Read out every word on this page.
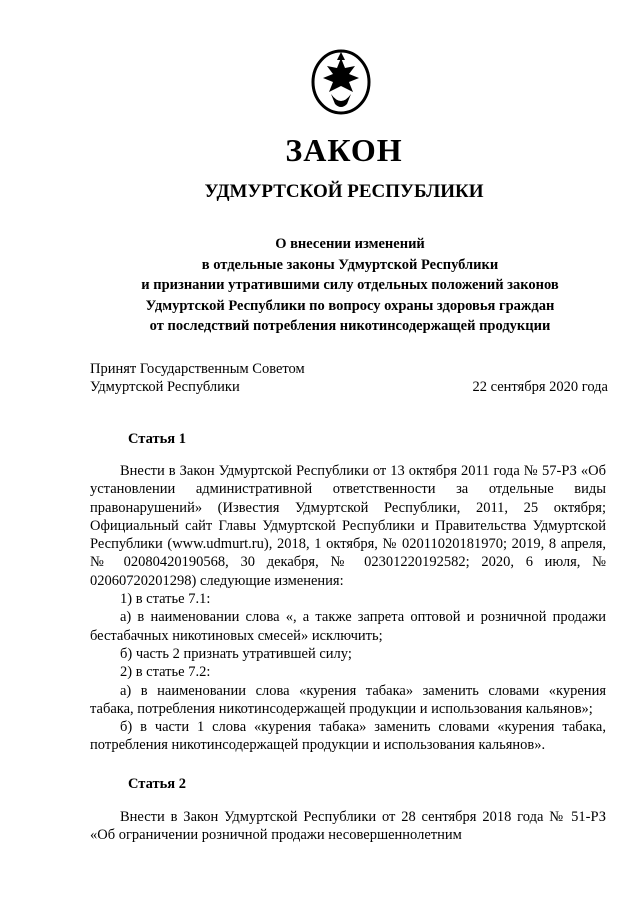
ЗАКОН
УДМУРТСКОЙ РЕСПУБЛИКИ
О внесении изменений
в отдельные законы Удмуртской Республики
и признании утратившими силу отдельных положений законов
Удмуртской Республики по вопросу охраны здоровья граждан
от последствий потребления никотинсодержащей продукции
Принят Государственным Советом
Удмуртской Республики	22 сентября 2020 года
Статья 1

Внести в Закон Удмуртской Республики от 13 октября 2011 года № 57-РЗ «Об установлении административной ответственности за отдельные виды правонарушений» (Известия Удмуртской Республики, 2011, 25 октября; Официальный сайт Главы Удмуртской Республики и Правительства Удмуртской Республики (www.udmurt.ru), 2018, 1 октября, № 02011020181970; 2019, 8 апреля, № 02080420190568, 30 декабря, № 02301220192582; 2020, 6 июля, № 02060720201298) следующие изменения:

1) в статье 7.1:

а) в наименовании слова «, а также запрета оптовой и розничной продажи бестабачных никотиновых смесей» исключить;

б) часть 2 признать утратившей силу;

2) в статье 7.2:

а) в наименовании слова «курения табака» заменить словами «курения табака, потребления никотинсодержащей продукции и использования кальянов»;

б) в части 1 слова «курения табака» заменить словами «курения табака, потребления никотинсодержащей продукции и использования кальянов».

Статья 2

Внести в Закон Удмуртской Республики от 28 сентября 2018 года № 51-РЗ «Об ограничении розничной продажи несовершеннолетним
